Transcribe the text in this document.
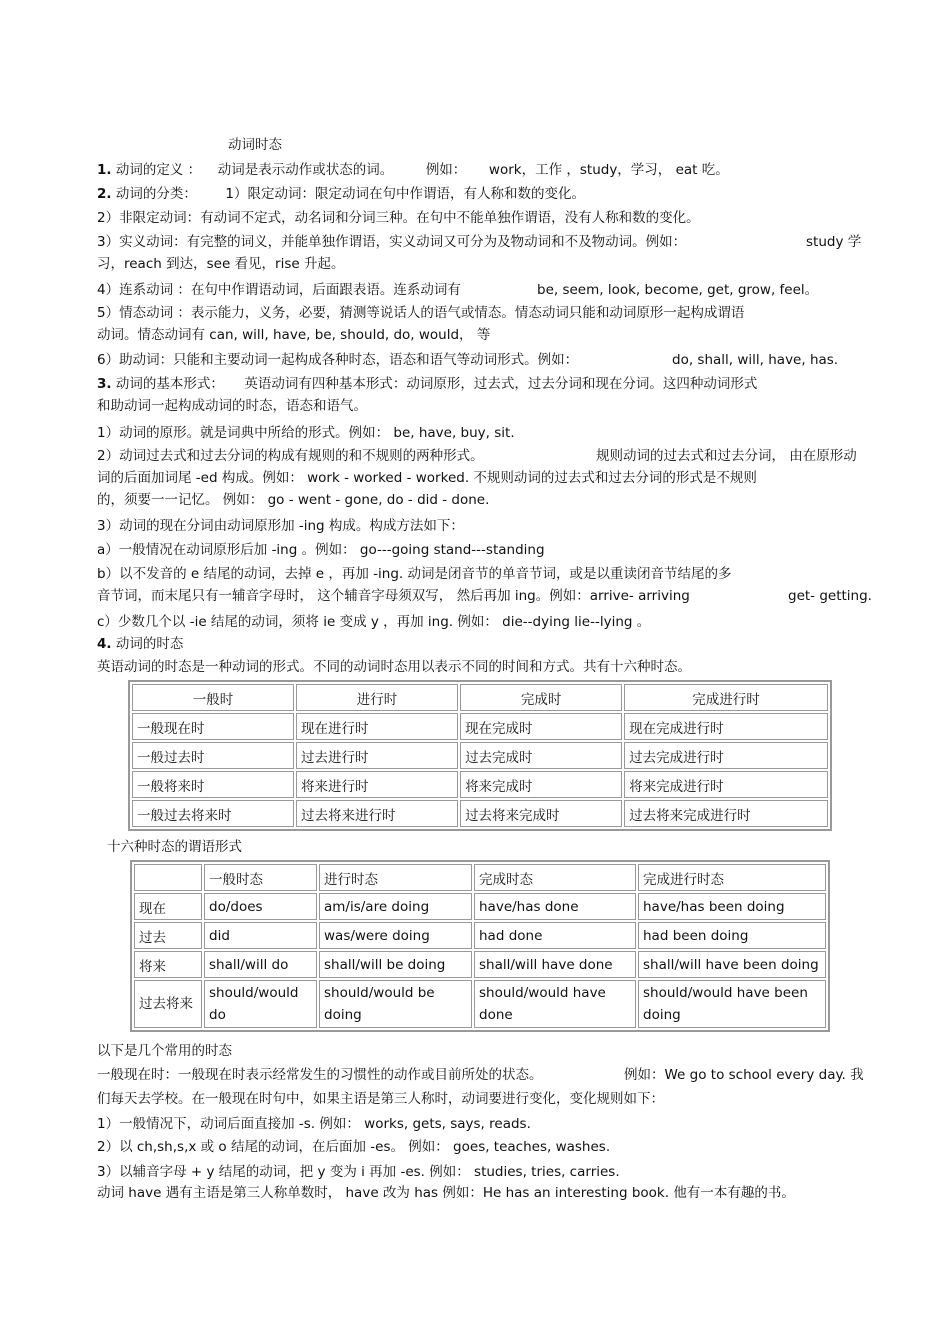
动词时态
1. 动词的定义 ： 动词是表示动作或状态的词。 例如： work，工作 ，study，学习， eat 吃。
2. 动词的分类： 1）限定动词：限定动词在句中作谓语，有人称和数的变化。
2）非限定动词：有动词不定式，动名词和分词三种。在句中不能单独作谓语，没有人称和数的变化。
3）实义动词：有完整的词义，并能单独作谓语，实义动词又可分为及物动词和不及物动词。例如：	study 学
习，reach 到达，see 看见，rise 升起。
4）连系动词 ：在句中作谓语动词，后面跟表语。连系动词有	be, seem, look, become, get, grow, feel。
5）情态动词 ：表示能力，义务，必要，猜测等说话人的语气或情态。情态动词只能和动词原形一起构成谓语
动词。情态动词有 can, will, have, be, should, do, would， 等
6）助动词：只能和主要动词一起构成各种时态，语态和语气等动词形式。例如：	do, shall, will, have, has.
3. 动词的基本形式： 英语动词有四种基本形式：动词原形，过去式，过去分词和现在分词。这四种动词形式
和助动词一起构成动词的时态，语态和语气。
1）动词的原形。就是词典中所给的形式。例如： be, have, buy, sit.
2）动词过去式和过去分词的构成有规则的和不规则的两种形式。	规则动词的过去式和过去分词， 由在原形动
词的后面加词尾 -ed 构成。例如： work - worked - worked. 不规则动词的过去式和过去分词的形式是不规则
的，须要一一记忆。 例如： go - went - gone, do - did - done.
3）动词的现在分词由动词原形加 -ing 构成。构成方法如下：
a）一般情况在动词原形后加 -ing 。例如： go---going stand---standing
b）以不发音的 e 结尾的动词，去掉 e ，再加 -ing. 动词是闭音节的单音节词，或是以重读闭音节结尾的多
音节词，而末尾只有一辅音字母时， 这个辅音字母须双写， 然后再加 ing。例如：arrive- arriving	get- getting.
c）少数几个以 -ie 结尾的动词，须将 ie 变成 y ，再加 ing. 例如： die--dying lie--lying 。
4. 动词的时态
英语动词的时态是一种动词的形式。不同的动词时态用以表示不同的时间和方式。共有十六种时态。
一般时	进行时	完成时	完成进行时
一般现在时	现在进行时	现在完成时	现在完成进行时
一般过去时	过去进行时	过去完成时	过去完成进行时
一般将来时	将来进行时	将来完成时	将来完成进行时
一般过去将来时	过去将来进行时	过去将来完成时	过去将来完成进行时
十六种时态的谓语形式
	一般时态	进行时态	完成时态	完成进行时态
现在	do/does	am/is/are doing	have/has done	have/has been doing
过去	did	was/were doing	had done	had been doing
将来	shall/will do	shall/will be doing	shall/will have done	shall/will have been doing
过去将来	should/would do	should/would be doing	should/would have done	should/would have been doing
以下是几个常用的时态
一般现在时：一般现在时表示经常发生的习惯性的动作或目前所处的状态。	例如：We go to school every day. 我
们每天去学校。在一般现在时句中，如果主语是第三人称时，动词要进行变化，变化规则如下：
1）一般情况下，动词后面直接加 -s. 例如： works, gets, says, reads.
2）以 ch,sh,s,x 或 o 结尾的动词，在后面加 -es。 例如： goes, teaches, washes.
3）以辅音字母 + y 结尾的动词，把 y 变为 i 再加 -es. 例如： studies, tries, carries.
动词 have 遇有主语是第三人称单数时， have 改为 has 例如：He has an interesting book. 他有一本有趣的书。
